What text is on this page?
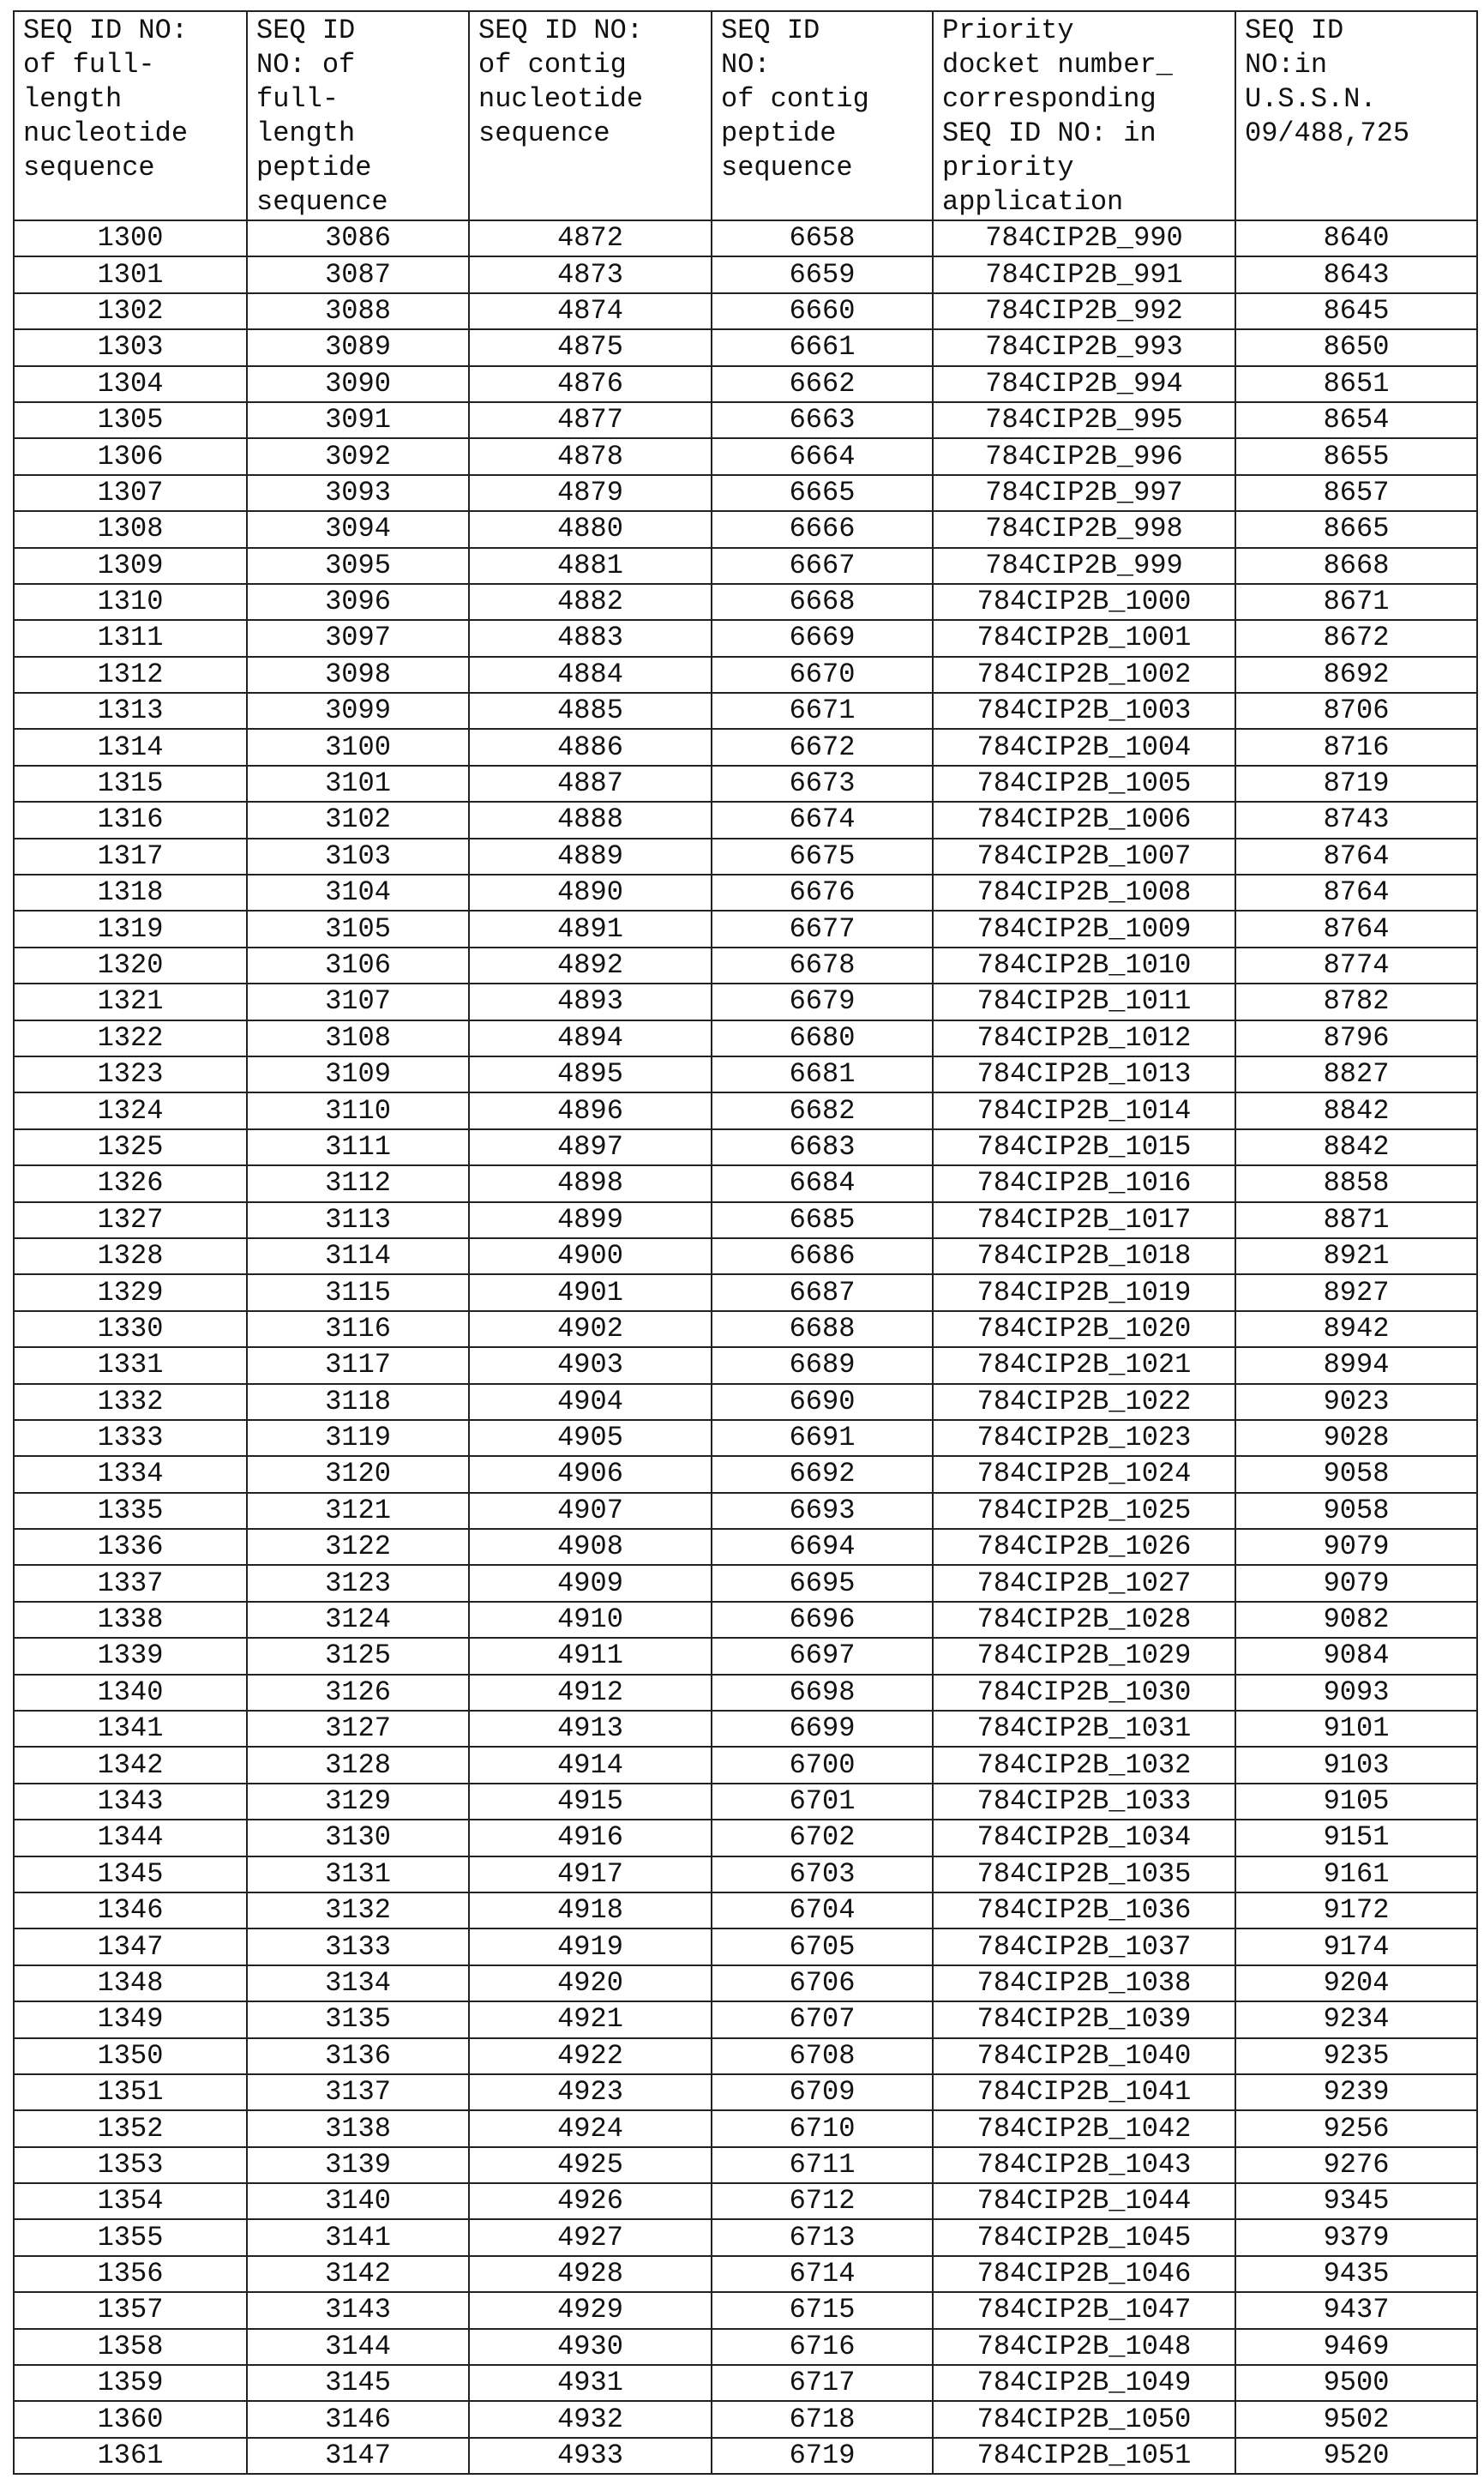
SEQ ID NO:
of full-
length
nucleotide
sequence	SEQ ID
NO: of
full-
length
peptide
sequence	SEQ ID NO:
of contig
nucleotide
sequence	SEQ ID
NO:
of contig
peptide
sequence	Priority
docket number_
corresponding
SEQ ID NO: in
priority
application	SEQ ID
NO:in
U.S.S.N.
09/488,725
1300	3086	4872	6658	784CIP2B_990	8640
1301	3087	4873	6659	784CIP2B_991	8643
1302	3088	4874	6660	784CIP2B_992	8645
1303	3089	4875	6661	784CIP2B_993	8650
1304	3090	4876	6662	784CIP2B_994	8651
1305	3091	4877	6663	784CIP2B_995	8654
1306	3092	4878	6664	784CIP2B_996	8655
1307	3093	4879	6665	784CIP2B_997	8657
1308	3094	4880	6666	784CIP2B_998	8665
1309	3095	4881	6667	784CIP2B_999	8668
1310	3096	4882	6668	784CIP2B_1000	8671
1311	3097	4883	6669	784CIP2B_1001	8672
1312	3098	4884	6670	784CIP2B_1002	8692
1313	3099	4885	6671	784CIP2B_1003	8706
1314	3100	4886	6672	784CIP2B_1004	8716
1315	3101	4887	6673	784CIP2B_1005	8719
1316	3102	4888	6674	784CIP2B_1006	8743
1317	3103	4889	6675	784CIP2B_1007	8764
1318	3104	4890	6676	784CIP2B_1008	8764
1319	3105	4891	6677	784CIP2B_1009	8764
1320	3106	4892	6678	784CIP2B_1010	8774
1321	3107	4893	6679	784CIP2B_1011	8782
1322	3108	4894	6680	784CIP2B_1012	8796
1323	3109	4895	6681	784CIP2B_1013	8827
1324	3110	4896	6682	784CIP2B_1014	8842
1325	3111	4897	6683	784CIP2B_1015	8842
1326	3112	4898	6684	784CIP2B_1016	8858
1327	3113	4899	6685	784CIP2B_1017	8871
1328	3114	4900	6686	784CIP2B_1018	8921
1329	3115	4901	6687	784CIP2B_1019	8927
1330	3116	4902	6688	784CIP2B_1020	8942
1331	3117	4903	6689	784CIP2B_1021	8994
1332	3118	4904	6690	784CIP2B_1022	9023
1333	3119	4905	6691	784CIP2B_1023	9028
1334	3120	4906	6692	784CIP2B_1024	9058
1335	3121	4907	6693	784CIP2B_1025	9058
1336	3122	4908	6694	784CIP2B_1026	9079
1337	3123	4909	6695	784CIP2B_1027	9079
1338	3124	4910	6696	784CIP2B_1028	9082
1339	3125	4911	6697	784CIP2B_1029	9084
1340	3126	4912	6698	784CIP2B_1030	9093
1341	3127	4913	6699	784CIP2B_1031	9101
1342	3128	4914	6700	784CIP2B_1032	9103
1343	3129	4915	6701	784CIP2B_1033	9105
1344	3130	4916	6702	784CIP2B_1034	9151
1345	3131	4917	6703	784CIP2B_1035	9161
1346	3132	4918	6704	784CIP2B_1036	9172
1347	3133	4919	6705	784CIP2B_1037	9174
1348	3134	4920	6706	784CIP2B_1038	9204
1349	3135	4921	6707	784CIP2B_1039	9234
1350	3136	4922	6708	784CIP2B_1040	9235
1351	3137	4923	6709	784CIP2B_1041	9239
1352	3138	4924	6710	784CIP2B_1042	9256
1353	3139	4925	6711	784CIP2B_1043	9276
1354	3140	4926	6712	784CIP2B_1044	9345
1355	3141	4927	6713	784CIP2B_1045	9379
1356	3142	4928	6714	784CIP2B_1046	9435
1357	3143	4929	6715	784CIP2B_1047	9437
1358	3144	4930	6716	784CIP2B_1048	9469
1359	3145	4931	6717	784CIP2B_1049	9500
1360	3146	4932	6718	784CIP2B_1050	9502
1361	3147	4933	6719	784CIP2B_1051	9520
